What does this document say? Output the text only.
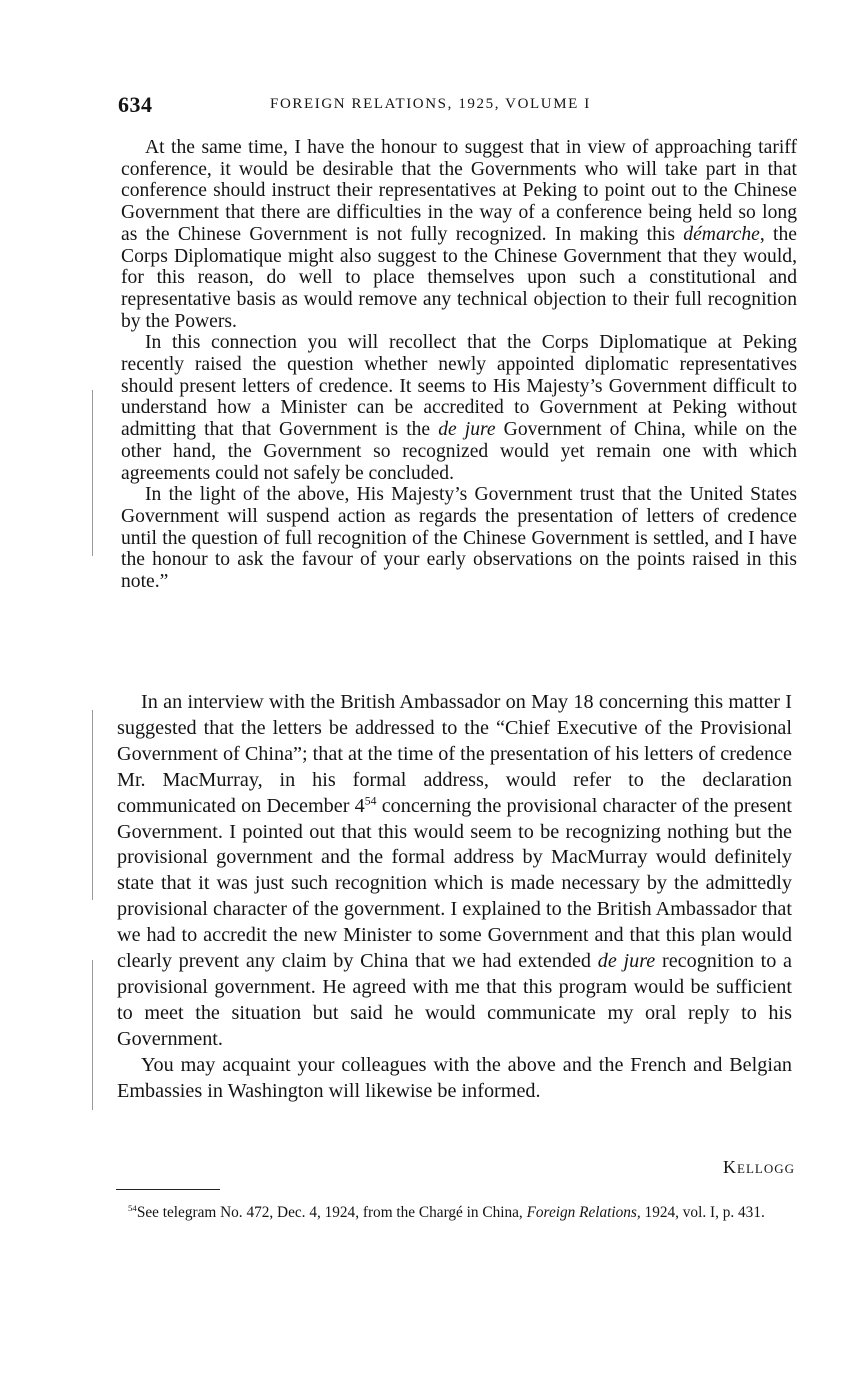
634	FOREIGN RELATIONS, 1925, VOLUME I

At the same time, I have the honour to suggest that in view of approaching tariff conference, it would be desirable that the Governments who will take part in that conference should instruct their representatives at Peking to point out to the Chinese Government that there are difficulties in the way of a conference being held so long as the Chinese Government is not fully recognized. In making this démarche, the Corps Diplomatique might also suggest to the Chinese Government that they would, for this reason, do well to place themselves upon such a constitutional and representative basis as would remove any technical objection to their full recognition by the Powers.

In this connection you will recollect that the Corps Diplomatique at Peking recently raised the question whether newly appointed diplomatic representatives should present letters of credence. It seems to His Majesty’s Government difficult to understand how a Minister can be accredited to Government at Peking without admitting that that Government is the de jure Government of China, while on the other hand, the Government so recognized would yet remain one with which agreements could not safely be concluded.

In the light of the above, His Majesty’s Government trust that the United States Government will suspend action as regards the presentation of letters of credence until the question of full recognition of the Chinese Government is settled, and I have the honour to ask the favour of your early observations on the points raised in this note.”

In an interview with the British Ambassador on May 18 concerning this matter I suggested that the letters be addressed to the “Chief Executive of the Provisional Government of China”; that at the time of the presentation of his letters of credence Mr. MacMurray, in his formal address, would refer to the declaration communicated on December $4^{54}$ concerning the provisional character of the present Government. I pointed out that this would seem to be recognizing nothing but the provisional government and the formal address by MacMurray would definitely state that it was just such recognition which is made necessary by the admittedly provisional character of the government. I explained to the British Ambassador that we had to accredit the new Minister to some Government and that this plan would clearly prevent any claim by China that we had extended de jure recognition to a provisional government. He agreed with me that this program would be sufficient to meet the situation but said he would communicate my oral reply to his Government.

You may acquaint your colleagues with the above and the French and Belgian Embassies in Washington will likewise be informed.

Kellogg

$^{54}$See telegram No. 472, Dec. 4, 1924, from the Chargé in China, Foreign Relations, 1924, vol. I, p. 431.
